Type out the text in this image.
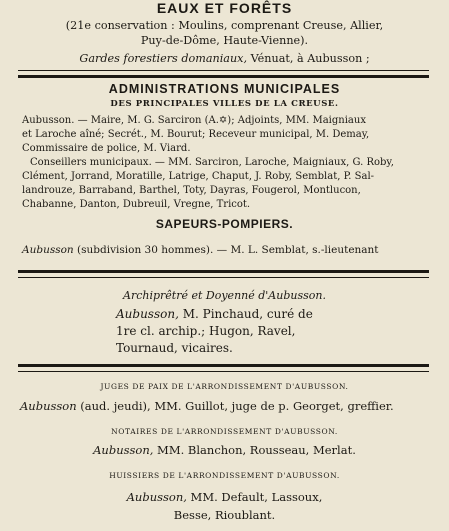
EAUX ET FORÊTS

(21e conservation : Moulins, comprenant Creuse, Allier,

Puy-de-Dôme, Haute-Vienne).

Gardes forestiers domaniaux, Vénuat, à Aubusson ;

ADMINISTRATIONS MUNICIPALES

DES PRINCIPALES VILLES DE LA CREUSE.

Aubusson. — Maire, M. G. Sarciron (A.✡); Adjoints, MM. Maigniaux

et Laroche aîné; Secrét., M. Bourut; Receveur municipal, M. Demay,

Commissaire de police, M. Viard.

Conseillers municipaux. — MM. Sarciron, Laroche, Maigniaux, G. Roby,

Clément, Jorrand, Moratille, Latrige, Chaput, J. Roby, Semblat, P. Sal-

landrouze, Barraband, Barthel, Toty, Dayras, Fougerol, Montlucon,

Chabanne, Danton, Dubreuil, Vregne, Tricot.

SAPEURS-POMPIERS.

Aubusson (subdivision 30 hommes). — M. L. Semblat, s.-lieutenant

Archiprêtré et Doyenné d'Aubusson.

Aubusson, M. Pinchaud, curé de

1re cl. archip.; Hugon, Ravel,

Tournaud, vicaires.

JUGES DE PAIX DE L'ARRONDISSEMENT D'AUBUSSON.

Aubusson (aud. jeudi), MM. Guillot, juge de p. Georget, greffier.

NOTAIRES DE L'ARRONDISSEMENT D'AUBUSSON.

Aubusson, MM. Blanchon, Rousseau, Merlat.

HUISSIERS DE L'ARRONDISSEMENT D'AUBUSSON.

Aubusson, MM. Default, Lassoux,

Besse, Rioublant.
